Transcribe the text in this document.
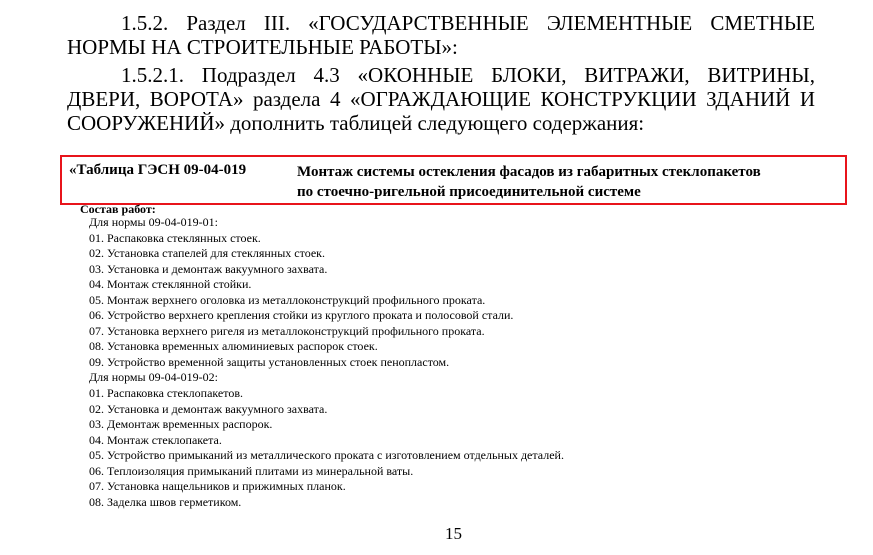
1.5.2. Раздел III. «ГОСУДАРСТВЕННЫЕ ЭЛЕМЕНТНЫЕ СМЕТНЫЕ
НОРМЫ НА СТРОИТЕЛЬНЫЕ РАБОТЫ»:

1.5.2.1. Подраздел 4.3 «ОКОННЫЕ БЛОКИ, ВИТРАЖИ, ВИТРИНЫ,
ДВЕРИ, ВОРОТА» раздела 4 «ОГРАЖДАЮЩИЕ КОНСТРУКЦИИ ЗДАНИЙ И
СООРУЖЕНИЙ» дополнить таблицей следующего содержания:

«Таблица ГЭСН 09-04-019	Монтаж системы остекления фасадов из габаритных стеклопакетов
по стоечно-ригельной присоединительной системе
Состав работ:
Для нормы 09-04-019-01:
01. Распаковка стеклянных стоек.
02. Установка стапелей для стеклянных стоек.
03. Установка и демонтаж вакуумного захвата.
04. Монтаж стеклянной стойки.
05. Монтаж верхнего оголовка из металлоконструкций профильного проката.
06. Устройство верхнего крепления стойки из круглого проката и полосовой стали.
07. Установка верхнего ригеля из металлоконструкций профильного проката.
08. Установка временных алюминиевых распорок стоек.
09. Устройство временной защиты установленных стоек пенопластом.
Для нормы 09-04-019-02:
01. Распаковка стеклопакетов.
02. Установка и демонтаж вакуумного захвата.
03. Демонтаж временных распорок.
04. Монтаж стеклопакета.
05. Устройство примыканий из металлического проката с изготовлением отдельных деталей.
06. Теплоизоляция примыканий плитами из минеральной ваты.
07. Установка нащельников и прижимных планок.
08. Заделка швов герметиком.
15
